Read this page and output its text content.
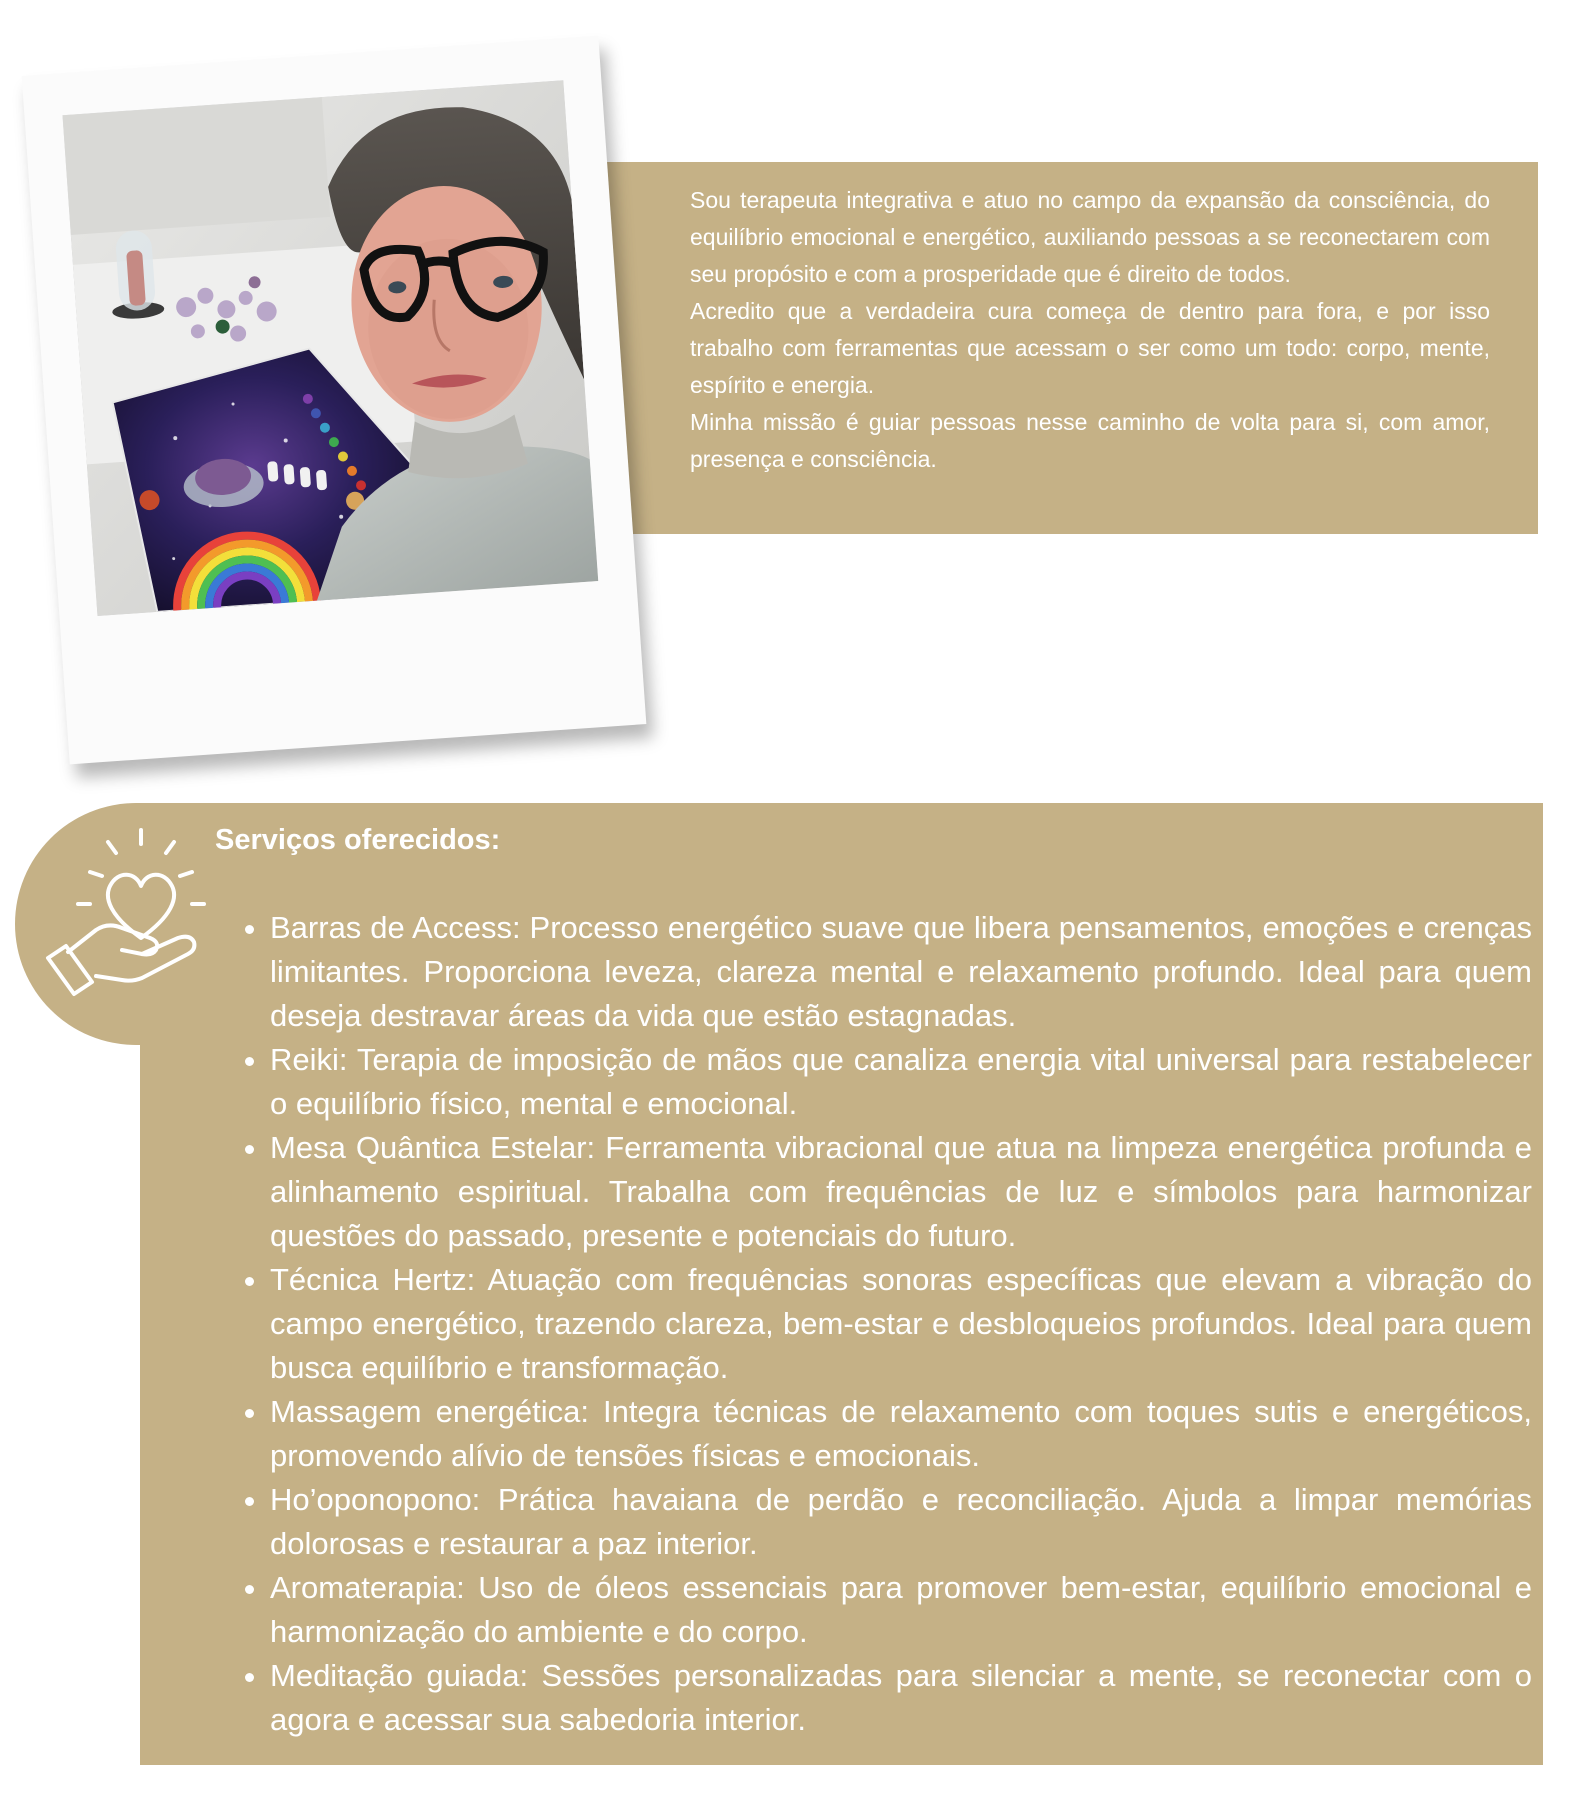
Sou terapeuta integrativa e atuo no campo da expansão da consciência, do equilíbrio emocional e energético, auxiliando pessoas a se reconectarem com seu propósito e com a prosperidade que é direito de todos.

Acredito que a verdadeira cura começa de dentro para fora, e por isso trabalho com ferramentas que acessam o ser como um todo: corpo, mente, espírito e energia.

Minha missão é guiar pessoas nesse caminho de volta para si, com amor, presença e consciência.

Serviços oferecidos:
• Barras de Access: Processo energético suave que libera pensamentos, emoções e crenças limitantes. Proporciona leveza, clareza mental e relaxamento profundo. Ideal para quem deseja destravar áreas da vida que estão estagnadas.
• Reiki: Terapia de imposição de mãos que canaliza energia vital universal para restabelecer o equilíbrio físico, mental e emocional.
• Mesa Quântica Estelar: Ferramenta vibracional que atua na limpeza energética profunda e alinhamento espiritual. Trabalha com frequências de luz e símbolos para harmonizar questões do passado, presente e potenciais do futuro.
• Técnica Hertz: Atuação com frequências sonoras específicas que elevam a vibração do campo energético, trazendo clareza, bem-estar e desbloqueios profundos. Ideal para quem busca equilíbrio e transformação.
• Massagem energética: Integra técnicas de relaxamento com toques sutis e energéticos, promovendo alívio de tensões físicas e emocionais.
• Ho’oponopono: Prática havaiana de perdão e reconciliação. Ajuda a limpar memórias dolorosas e restaurar a paz interior.
• Aromaterapia: Uso de óleos essenciais para promover bem-estar, equilíbrio emocional e harmonização do ambiente e do corpo.
• Meditação guiada: Sessões personalizadas para silenciar a mente, se reconectar com o agora e acessar sua sabedoria interior.
